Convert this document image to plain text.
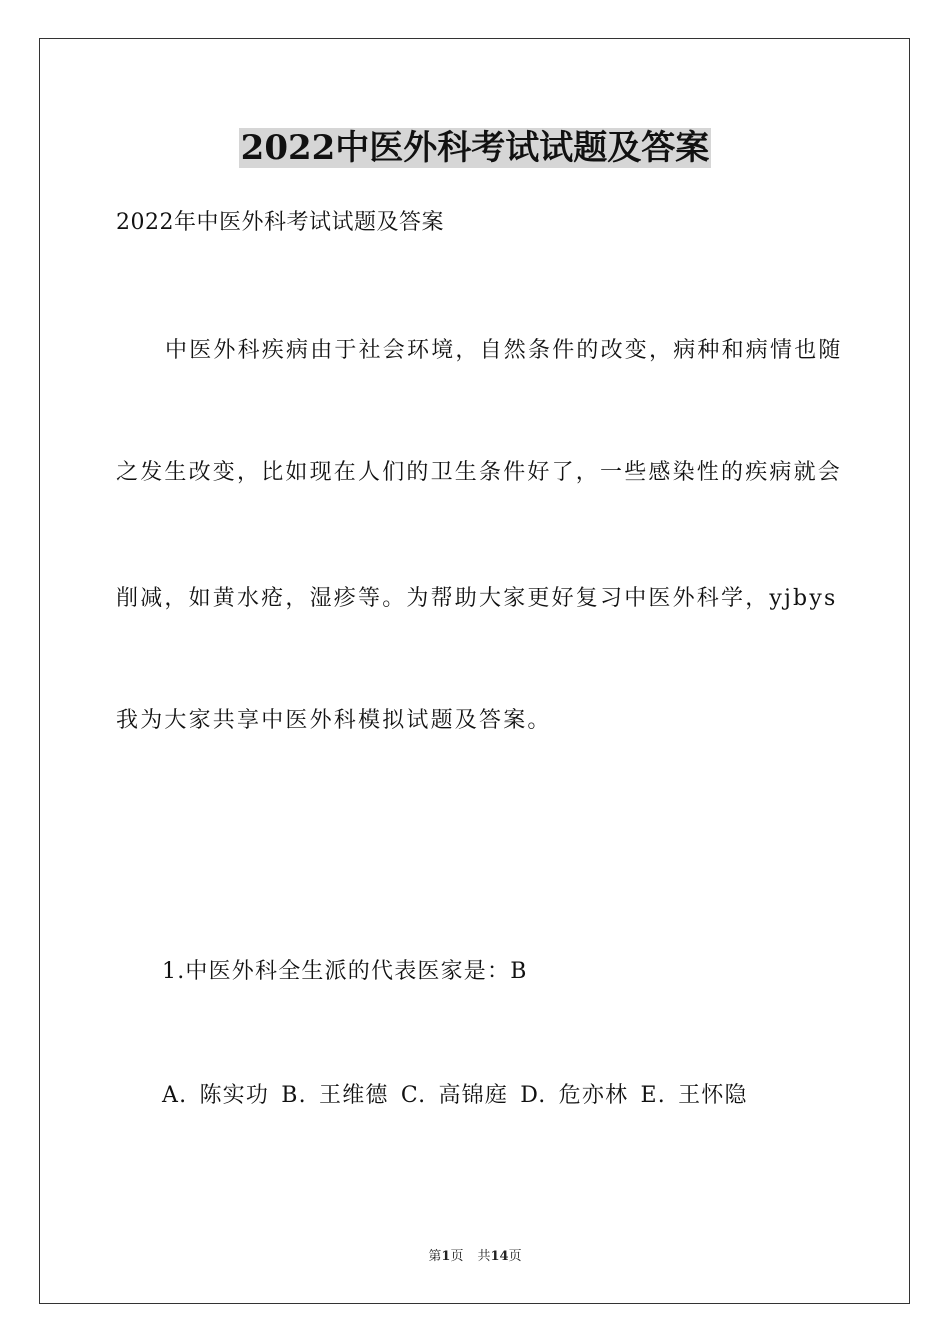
2022中医外科考试试题及答案
2022年中医外科考试试题及答案
中医外科疾病由于社会环境，自然条件的改变，病种和病情也随
之发生改变，比如现在人们的卫生条件好了，一些感染性的疾病就会
削减，如黄水疮，湿疹等。为帮助大家更好复习中医外科学，yjbys
我为大家共享中医外科模拟试题及答案。
1.中医外科全生派的代表医家是：B
A. 陈实功 B. 王维德 C. 高锦庭 D. 危亦林 E. 王怀隐
第1页 共14页
